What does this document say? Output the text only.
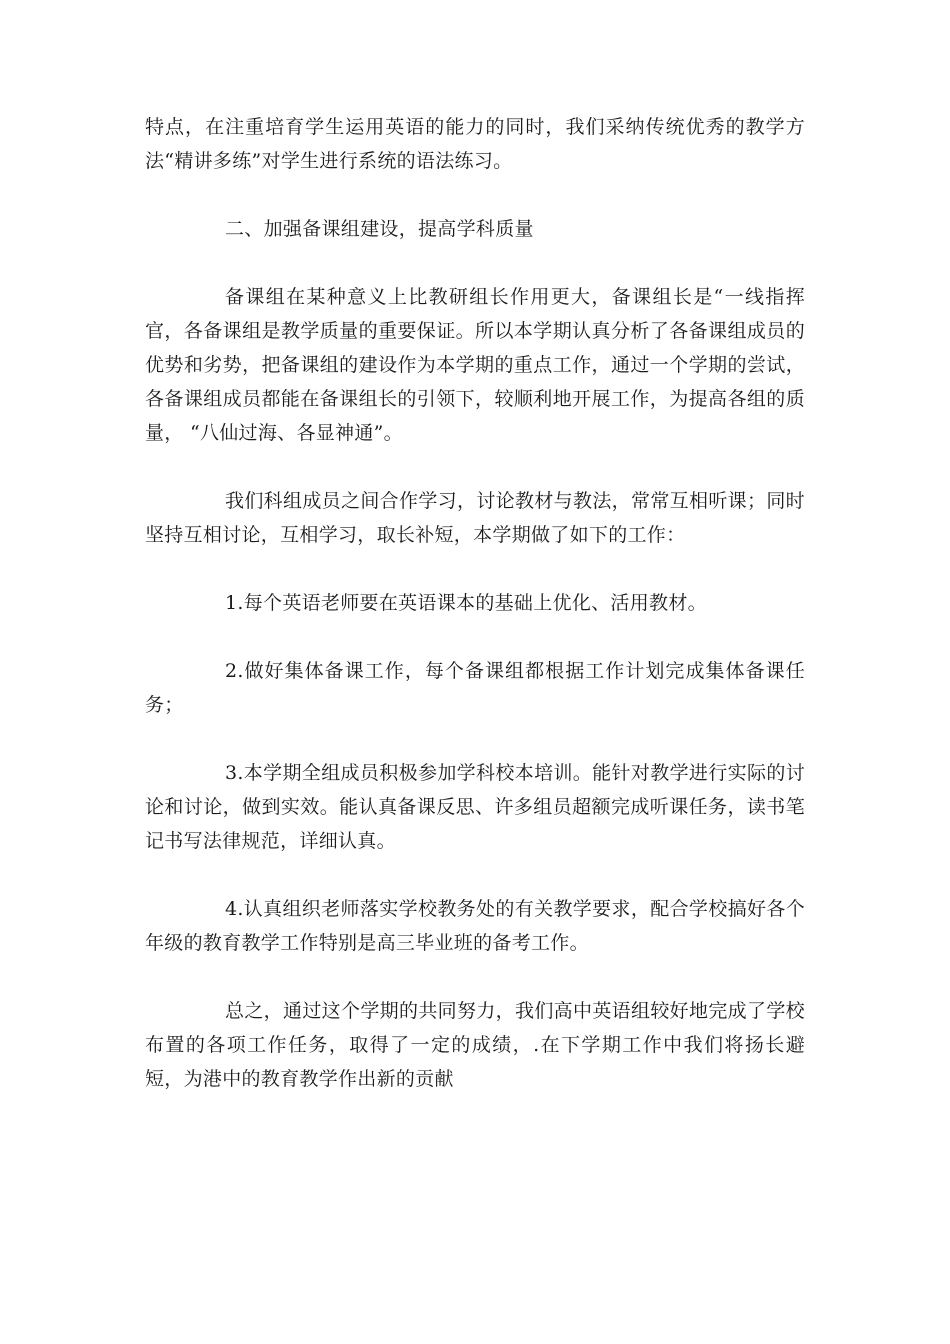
特点，在注重培育学生运用英语的能力的同时，我们采纳传统优秀的教学方法“精讲多练”对学生进行系统的语法练习。

二、加强备课组建设，提高学科质量

备课组在某种意义上比教研组长作用更大，备课组长是“一线指挥官，各备课组是教学质量的重要保证。所以本学期认真分析了各备课组成员的优势和劣势，把备课组的建设作为本学期的重点工作，通过一个学期的尝试，各备课组成员都能在备课组长的引领下，较顺利地开展工作，为提高各组的质量， “八仙过海、各显神通”。

我们科组成员之间合作学习，讨论教材与教法，常常互相听课；同时坚持互相讨论，互相学习，取长补短，本学期做了如下的工作：

1.每个英语老师要在英语课本的基础上优化、活用教材。

2.做好集体备课工作，每个备课组都根据工作计划完成集体备课任务；

3.本学期全组成员积极参加学科校本培训。能针对教学进行实际的讨论和讨论，做到实效。能认真备课反思、许多组员超额完成听课任务，读书笔记书写法律规范，详细认真。

4.认真组织老师落实学校教务处的有关教学要求，配合学校搞好各个年级的教育教学工作特别是高三毕业班的备考工作。

总之，通过这个学期的共同努力，我们高中英语组较好地完成了学校布置的各项工作任务，取得了一定的成绩，.在下学期工作中我们将扬长避短，为港中的教育教学作出新的贡献
